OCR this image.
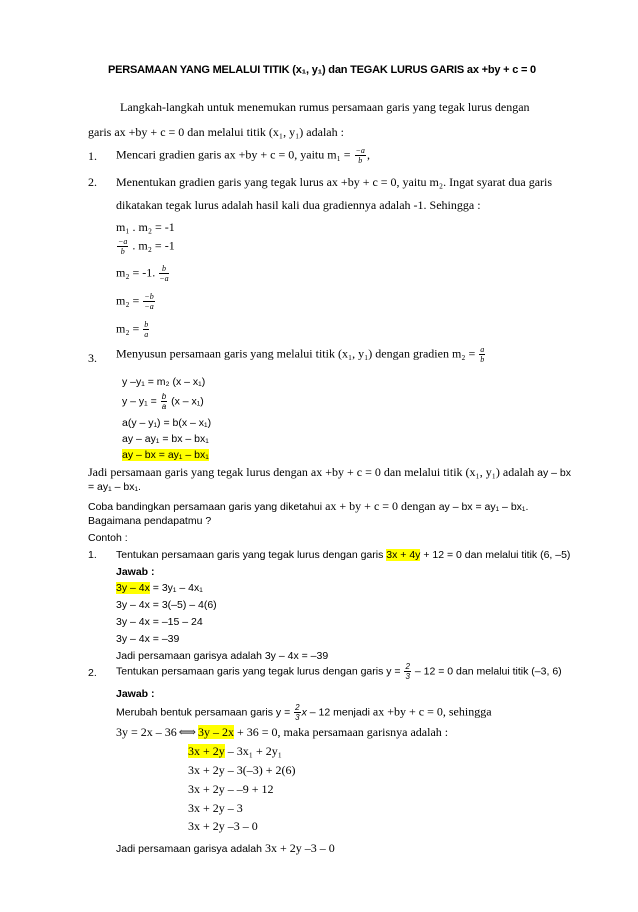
PERSAMAAN YANG MELALUI TITIK (x₁, y₁) dan TEGAK LURUS GARIS ax +by + c = 0
Langkah-langkah untuk menemukan rumus persamaan garis yang tegak lurus dengan
garis ax +by + c = 0 dan melalui titik (x₁, y₁) adalah :
1. Mencari gradien garis ax +by + c = 0, yaitu $m_1 = \frac{-a}{b}$ ,
2. Menentukan gradien garis yang tegak lurus ax +by + c = 0, yaitu m₂. Ingat syarat dua garis
dikatakan tegak lurus adalah hasil kali dua gradiennya adalah -1. Sehingga :
m₁ . m₂ = -1
$\frac{-a}{b}$ . m₂ = -1
m₂ = -1. $\frac{b}{-a}$
$m_2 = \frac{-b}{-a}$
$m_2 = \frac{b}{a}$
3. Menyusun persamaan garis yang melalui titik (x₁, y₁) dengan gradien $m_2 = \frac{a}{b}$
y –y₁ = m₂ (x – x₁)
$y - y_1 = \frac{b}{a} (x - x_1)$
a(y – y₁) = b(x – x₁)
ay – ay₁ = bx – bx₁
ay – bx = ay₁ – bx₁
Jadi persamaan garis yang tegak lurus dengan ax +by + c = 0 dan melalui titik (x₁, y₁) adalah ay – bx
= ay₁ – bx₁.
Coba bandingkan persamaan garis yang diketahui ax + by + c = 0 dengan ay – bx = ay₁ – bx₁.
Bagaimana pendapatmu ?
Contoh :
1. Tentukan persamaan garis yang tegak lurus dengan garis 3x + 4y + 12 = 0 dan melalui titik (6, –5)
Jawab :
3y – 4x = 3y₁ – 4x₁
3y – 4x = 3(–5) – 4(6)
3y – 4x = –15 – 24
3y – 4x = –39
Jadi persamaan garisya adalah 3y – 4x = –39
2. Tentukan persamaan garis yang tegak lurus dengan garis $y = \frac{2}{3} - 12 = 0$ dan melalui titik (–3, 6)
Jawab :
Merubah bentuk persamaan garis $y = \frac{2}{3}$ x – 12 menjadi ax +by + c = 0, sehingga
3y = 2x – 36 ⟺ 3y – 2x + 36 = 0, maka persamaan garisnya adalah :
3x + 2y – 3x₁ + 2y₁
3x + 2y – 3(–3) + 2(6)
3x + 2y – –9 + 12
3x + 2y – 3
3x + 2y –3 – 0
Jadi persamaan garisya adalah 3x + 2y –3 – 0
